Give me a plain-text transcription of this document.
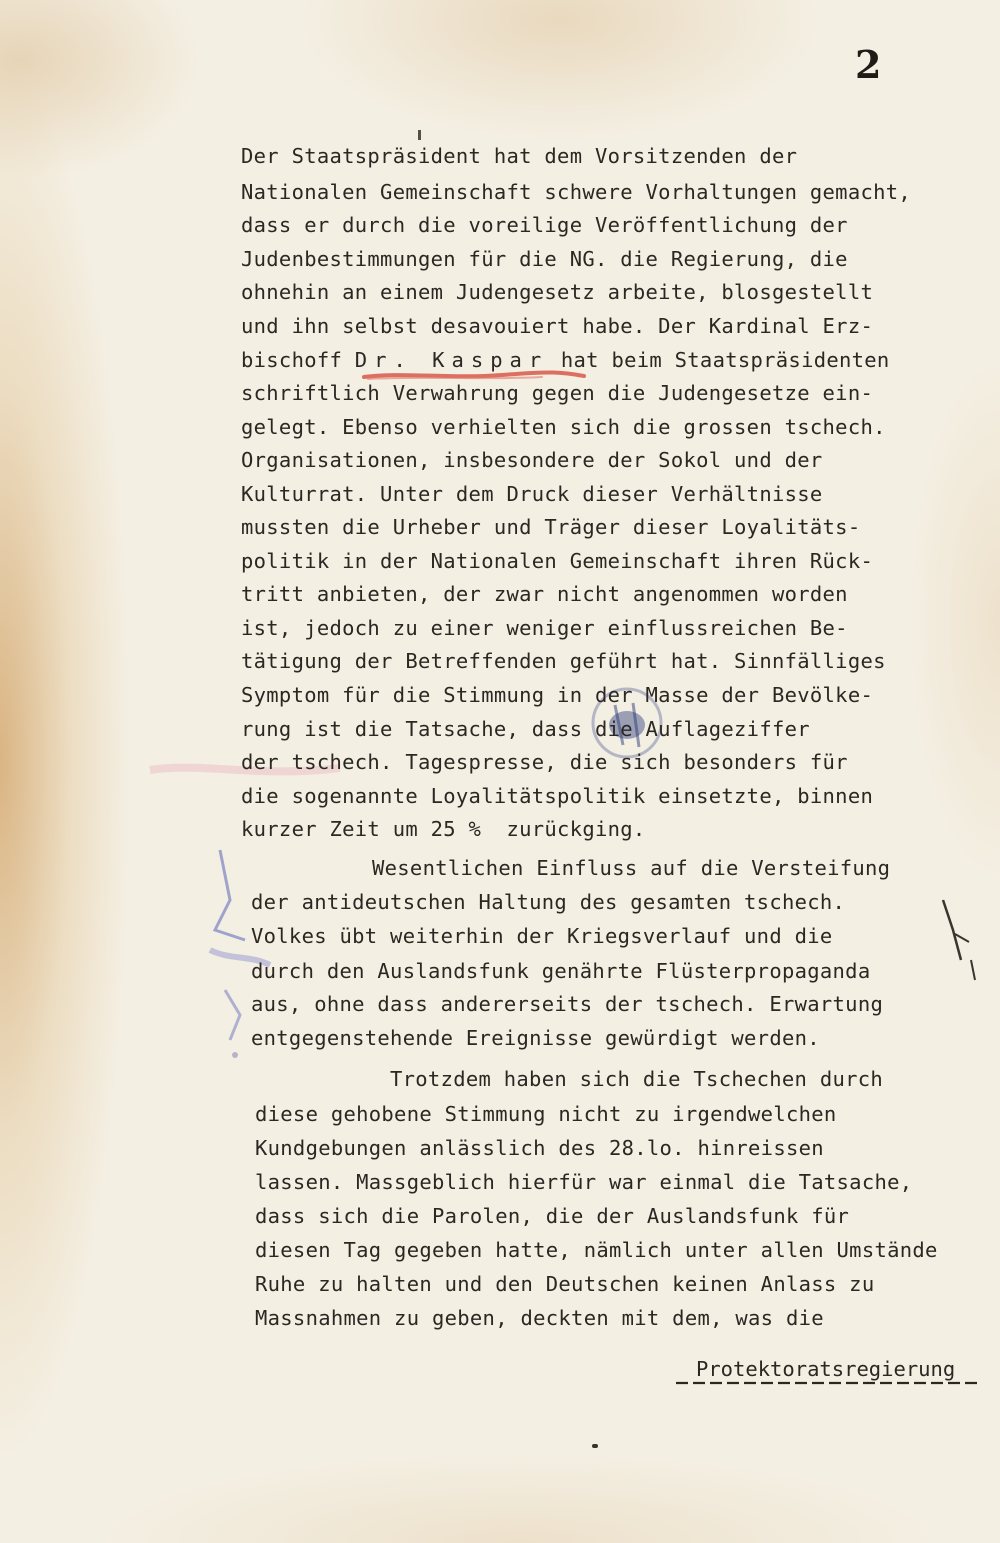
2
Der Staatspräsident hat dem Vorsitzenden der
Nationalen Gemeinschaft schwere Vorhaltungen gemacht,
dass er durch die voreilige Veröffentlichung der
Judenbestimmungen für die NG. die Regierung, die
ohnehin an einem Judengesetz arbeite, blosgestellt
und ihn selbst desavouiert habe. Der Kardinal Erz-
bischoff Dr. Kaspar hat beim Staatspräsidenten
schriftlich Verwahrung gegen die Judengesetze ein-
gelegt. Ebenso verhielten sich die grossen tschech.
Organisationen, insbesondere der Sokol und der
Kulturrat. Unter dem Druck dieser Verhältnisse
mussten die Urheber und Träger dieser Loyalitäts-
politik in der Nationalen Gemeinschaft ihren Rück-
tritt anbieten, der zwar nicht angenommen worden
ist, jedoch zu einer weniger einflussreichen Be-
tätigung der Betreffenden geführt hat. Sinnfälliges
Symptom für die Stimmung in der Masse der Bevölke-
rung ist die Tatsache, dass die Auflageziffer
der tschech. Tagespresse, die sich besonders für
die sogenannte Loyalitätspolitik einsetzte, binnen
kurzer Zeit um 25 %  zurückging.
Wesentlichen Einfluss auf die Versteifung
der antideutschen Haltung des gesamten tschech.
Volkes übt weiterhin der Kriegsverlauf und die
durch den Auslandsfunk genährte Flüsterpropaganda
aus, ohne dass andererseits der tschech. Erwartung
entgegenstehende Ereignisse gewürdigt werden.
Trotzdem haben sich die Tschechen durch
diese gehobene Stimmung nicht zu irgendwelchen
Kundgebungen anlässlich des 28.lo. hinreissen
lassen. Massgeblich hierfür war einmal die Tatsache,
dass sich die Parolen, die der Auslandsfunk für
diesen Tag gegeben hatte, nämlich unter allen Umstände
Ruhe zu halten und den Deutschen keinen Anlass zu
Massnahmen zu geben, deckten mit dem, was die
Protektoratsregierung
